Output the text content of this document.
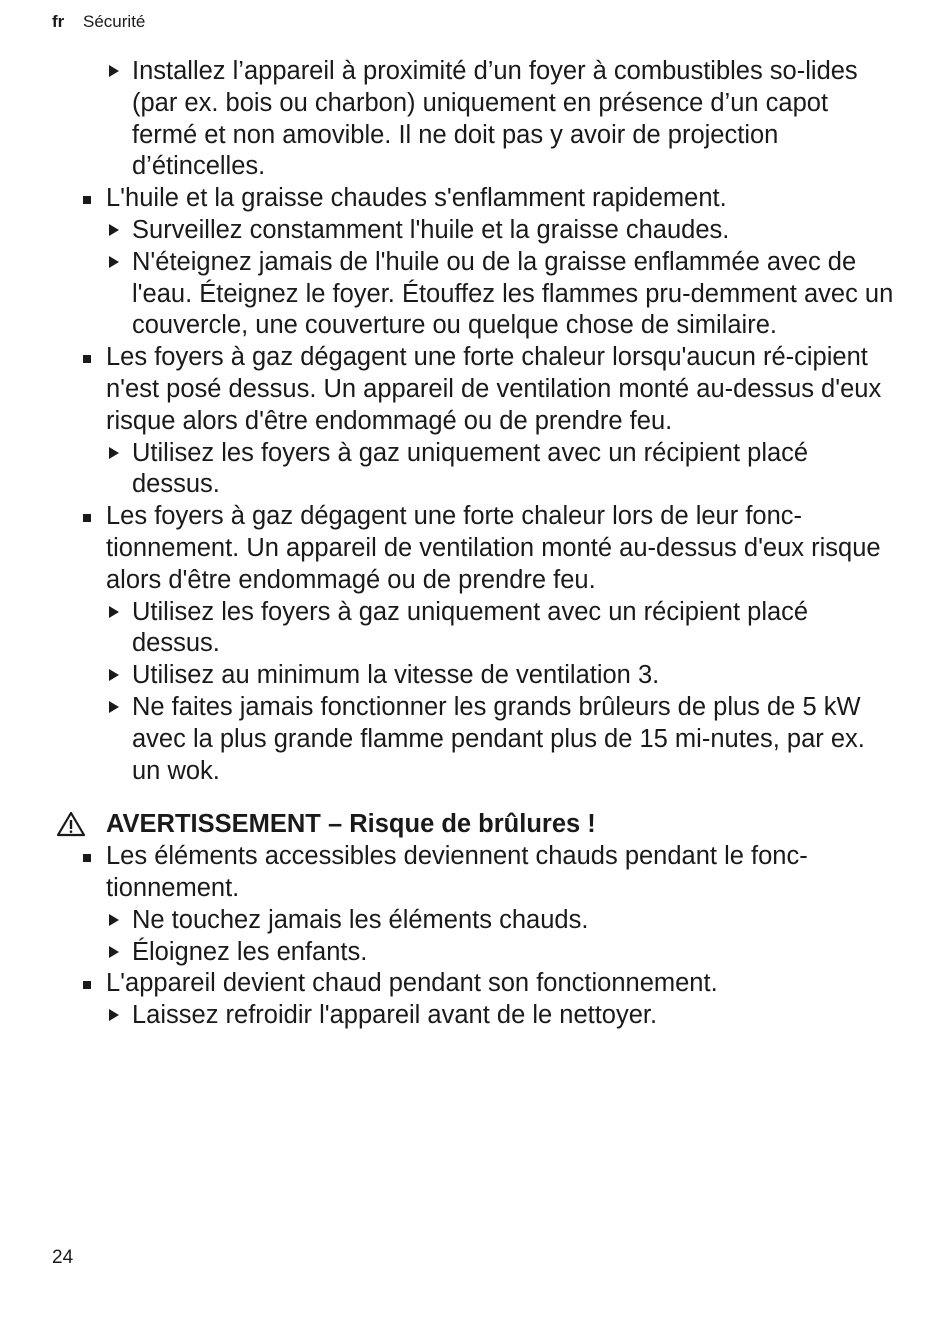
fr Sécurité
Installez l’appareil à proximité d’un foyer à combustibles so-lides (par ex. bois ou charbon) uniquement en présence d’un capot fermé et non amovible. Il ne doit pas y avoir de projection d’étincelles.
L'huile et la graisse chaudes s'enflamment rapidement.
Surveillez constamment l'huile et la graisse chaudes.
N'éteignez jamais de l'huile ou de la graisse enflammée avec de l'eau. Éteignez le foyer. Étouffez les flammes pru-demment avec un couvercle, une couverture ou quelque chose de similaire.
Les foyers à gaz dégagent une forte chaleur lorsqu'aucun ré-cipient n'est posé dessus. Un appareil de ventilation monté au-dessus d'eux risque alors d'être endommagé ou de prendre feu.
Utilisez les foyers à gaz uniquement avec un récipient placé dessus.
Les foyers à gaz dégagent une forte chaleur lors de leur fonc-tionnement. Un appareil de ventilation monté au-dessus d'eux risque alors d'être endommagé ou de prendre feu.
Utilisez les foyers à gaz uniquement avec un récipient placé dessus.
Utilisez au minimum la vitesse de ventilation 3.
Ne faites jamais fonctionner les grands brûleurs de plus de 5 kW avec la plus grande flamme pendant plus de 15 mi-nutes, par ex. un wok.
AVERTISSEMENT – Risque de brûlures !
Les éléments accessibles deviennent chauds pendant le fonc-tionnement.
Ne touchez jamais les éléments chauds.
Éloignez les enfants.
L'appareil devient chaud pendant son fonctionnement.
Laissez refroidir l'appareil avant de le nettoyer.
24
